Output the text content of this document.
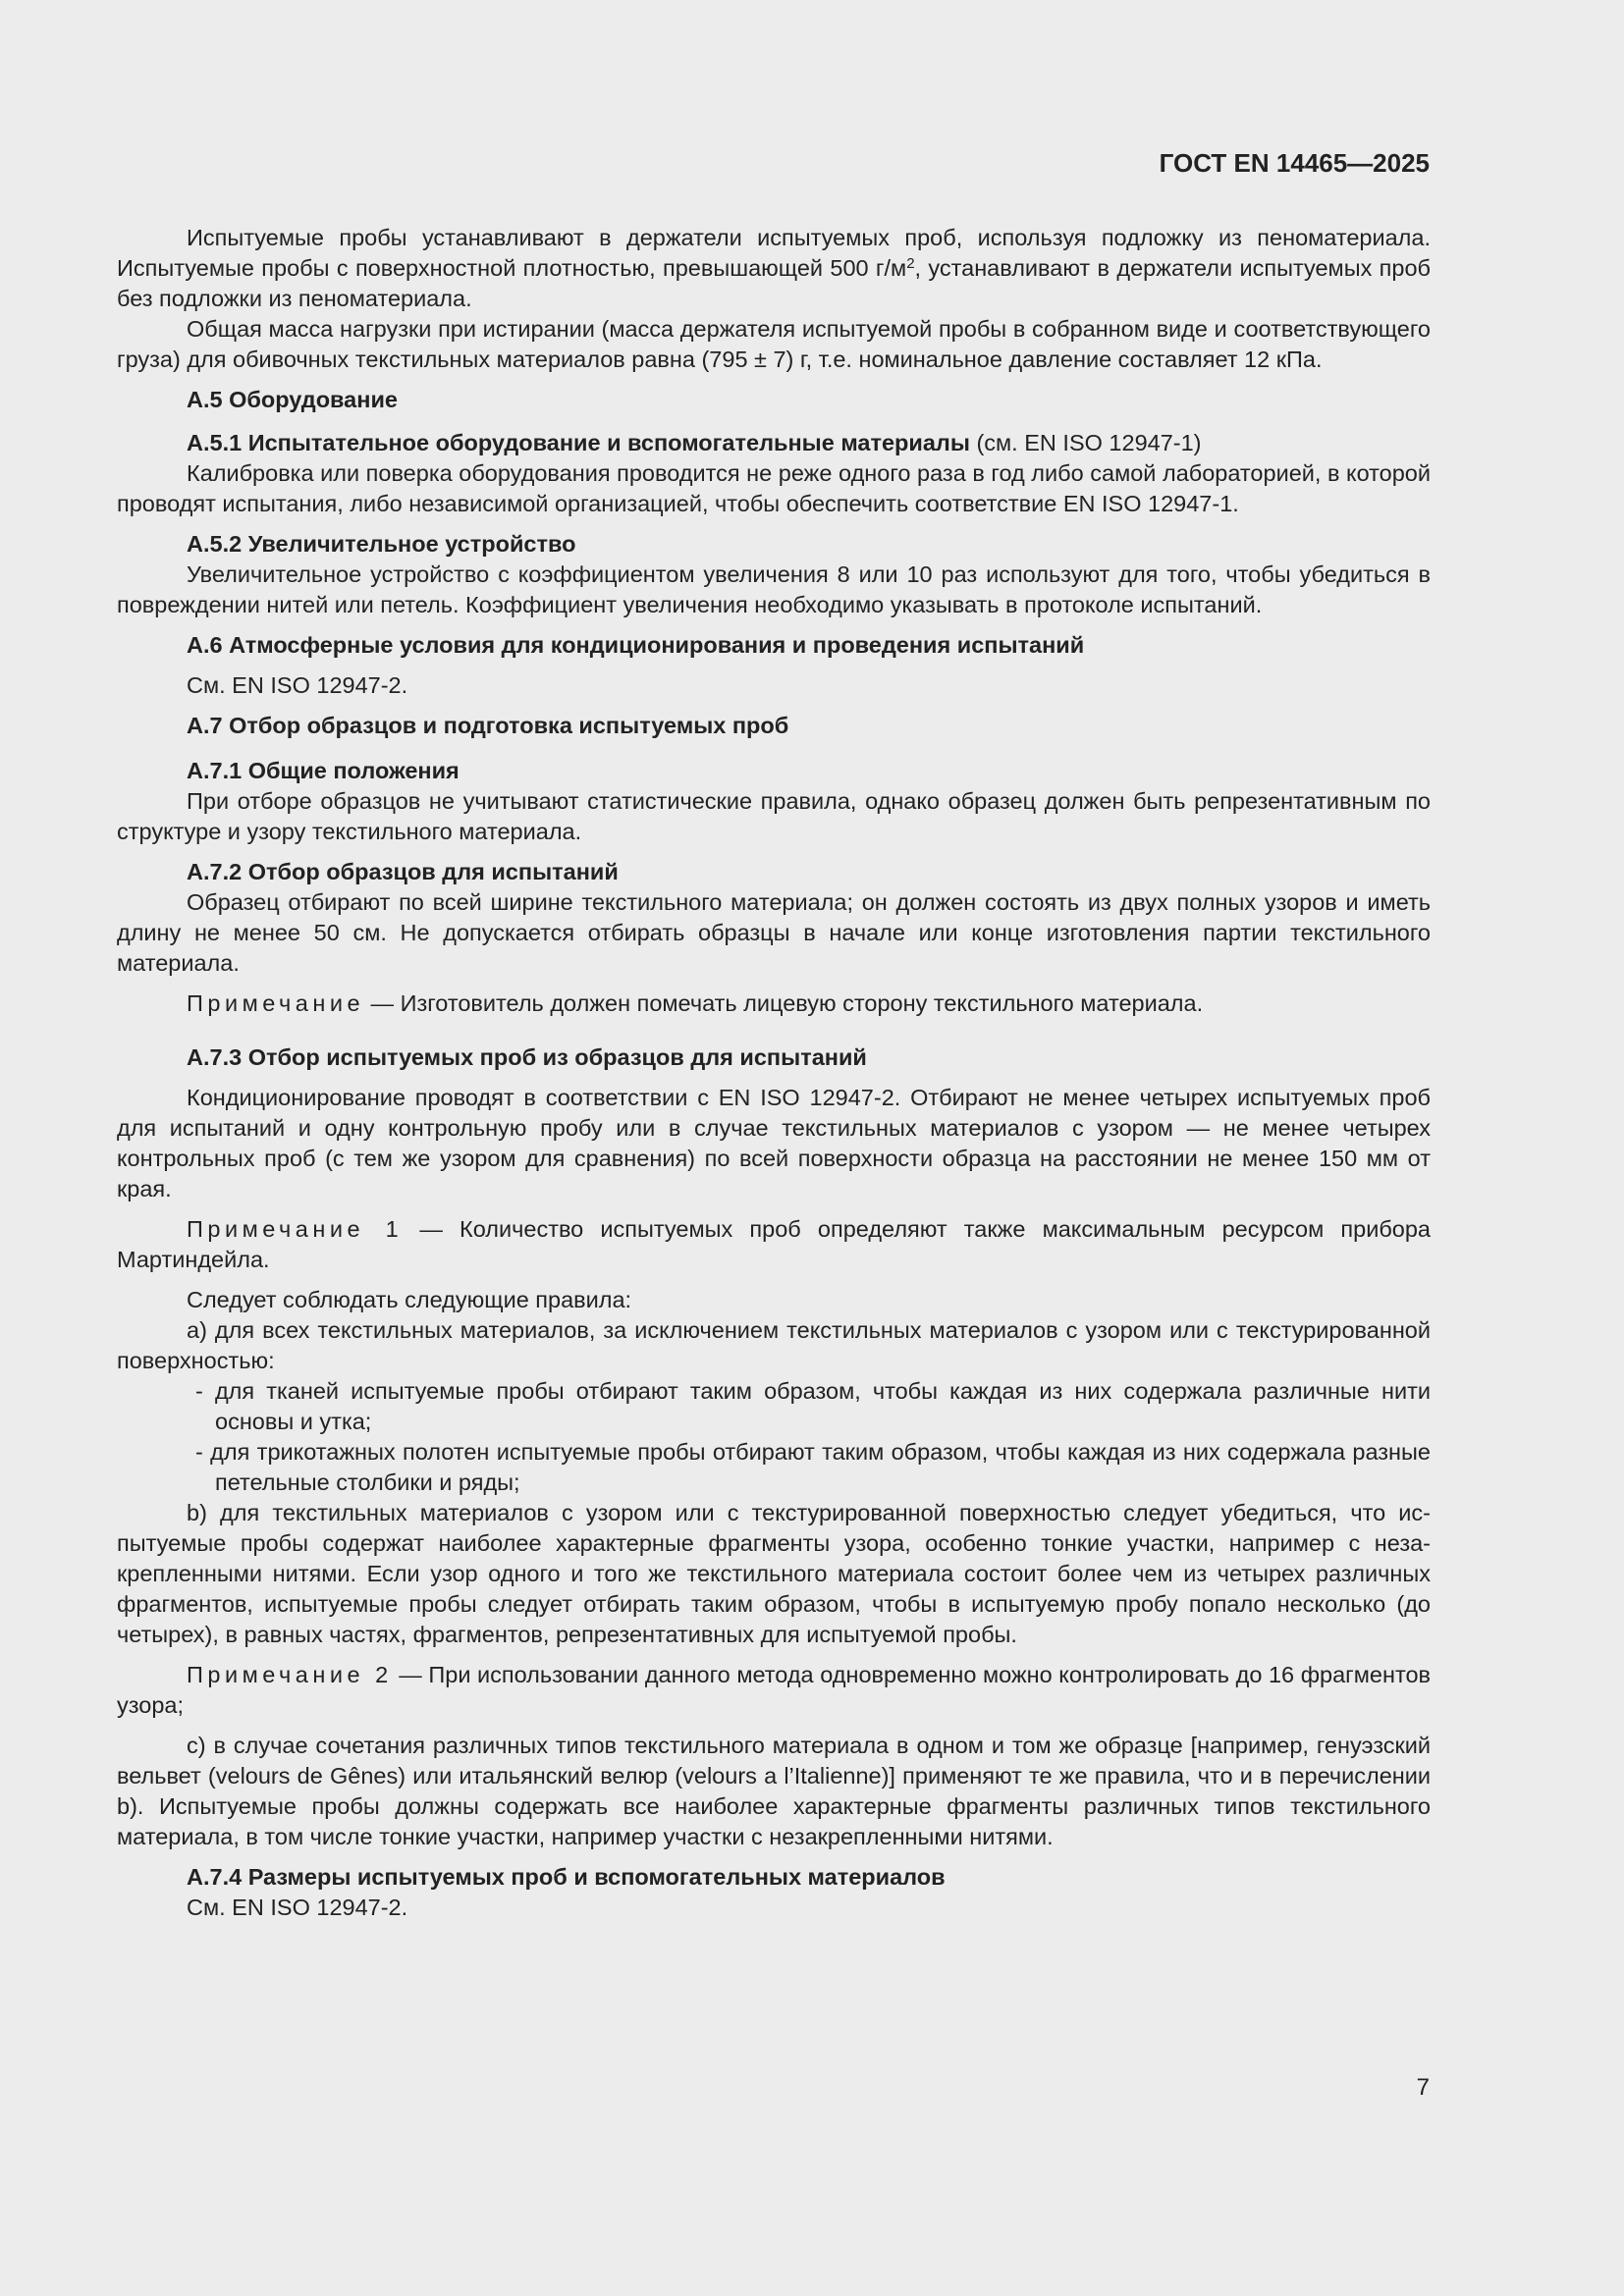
ГОСТ EN 14465—2025

Испытуемые пробы устанавливают в держатели испытуемых проб, используя подложку из пеноматериала. Испытуемые пробы с поверхностной плотностью, превышающей 500 $г/м^2$, устанавливают в держатели испытуемых проб без подложки из пеноматериала.

Общая масса нагрузки при истирании (масса держателя испытуемой пробы в собранном виде и соответствующего груза) для обивочных текстильных материалов равна (795 ± 7) г, т.е. номинальное давление составляет 12 кПа.

А.5 Оборудование

А.5.1 Испытательное оборудование и вспомогательные материалы (см. EN ISO 12947-1)

Калибровка или поверка оборудования проводится не реже одного раза в год либо самой лабораторией, в которой проводят испытания, либо независимой организацией, чтобы обеспечить соответствие EN ISO 12947-1.

А.5.2 Увеличительное устройство

Увеличительное устройство с коэффициентом увеличения 8 или 10 раз используют для того, чтобы убедиться в повреждении нитей или петель. Коэффициент увеличения необходимо указывать в протоколе испытаний.

А.6 Атмосферные условия для кондиционирования и проведения испытаний

См. EN ISO 12947-2.

А.7 Отбор образцов и подготовка испытуемых проб

А.7.1 Общие положения

При отборе образцов не учитывают статистические правила, однако образец должен быть репрезентативным по структуре и узору текстильного материала.

А.7.2 Отбор образцов для испытаний

Образец отбирают по всей ширине текстильного материала; он должен состоять из двух полных узоров и иметь длину не менее 50 см. Не допускается отбирать образцы в начале или конце изготовления партии текстильного материала.

Примечание — Изготовитель должен помечать лицевую сторону текстильного материала.

А.7.3 Отбор испытуемых проб из образцов для испытаний

Кондиционирование проводят в соответствии с EN ISO 12947-2. Отбирают не менее четырех испытуемых проб для испытаний и одну контрольную пробу или в случае текстильных материалов с узором — не менее четырех контрольных проб (с тем же узором для сравнения) по всей поверхности образца на расстоянии не менее 150 мм от края.

Примечание 1 — Количество испытуемых проб определяют также максимальным ресурсом прибора Мартиндейла.

Следует соблюдать следующие правила:

a) для всех текстильных материалов, за исключением текстильных материалов с узором или с текстурированной поверхностью:

- для тканей испытуемые пробы отбирают таким образом, чтобы каждая из них содержала различные нити основы и утка;

- для трикотажных полотен испытуемые пробы отбирают таким образом, чтобы каждая из них содержала разные петельные столбики и ряды;

b) для текстильных материалов с узором или с текстурированной поверхностью следует убедиться, что испытуемые пробы содержат наиболее характерные фрагменты узора, особенно тонкие участки, например с незакрепленными нитями. Если узор одного и того же текстильного материала состоит более чем из четырех различных фрагментов, испытуемые пробы следует отбирать таким образом, чтобы в испытуемую пробу попало несколько (до четырех), в равных частях, фрагментов, репрезентативных для испытуемой пробы.

Примечание 2 — При использовании данного метода одновременно можно контролировать до 16 фрагментов узора;

c) в случае сочетания различных типов текстильного материала в одном и том же образце [например, генуэзский вельвет (velours de Gênes) или итальянский велюр (velours a l’Italienne)] применяют те же правила, что и в перечислении b). Испытуемые пробы должны содержать все наиболее характерные фрагменты различных типов текстильного материала, в том числе тонкие участки, например участки с незакрепленными нитями.

А.7.4 Размеры испытуемых проб и вспомогательных материалов

См. EN ISO 12947-2.

7
